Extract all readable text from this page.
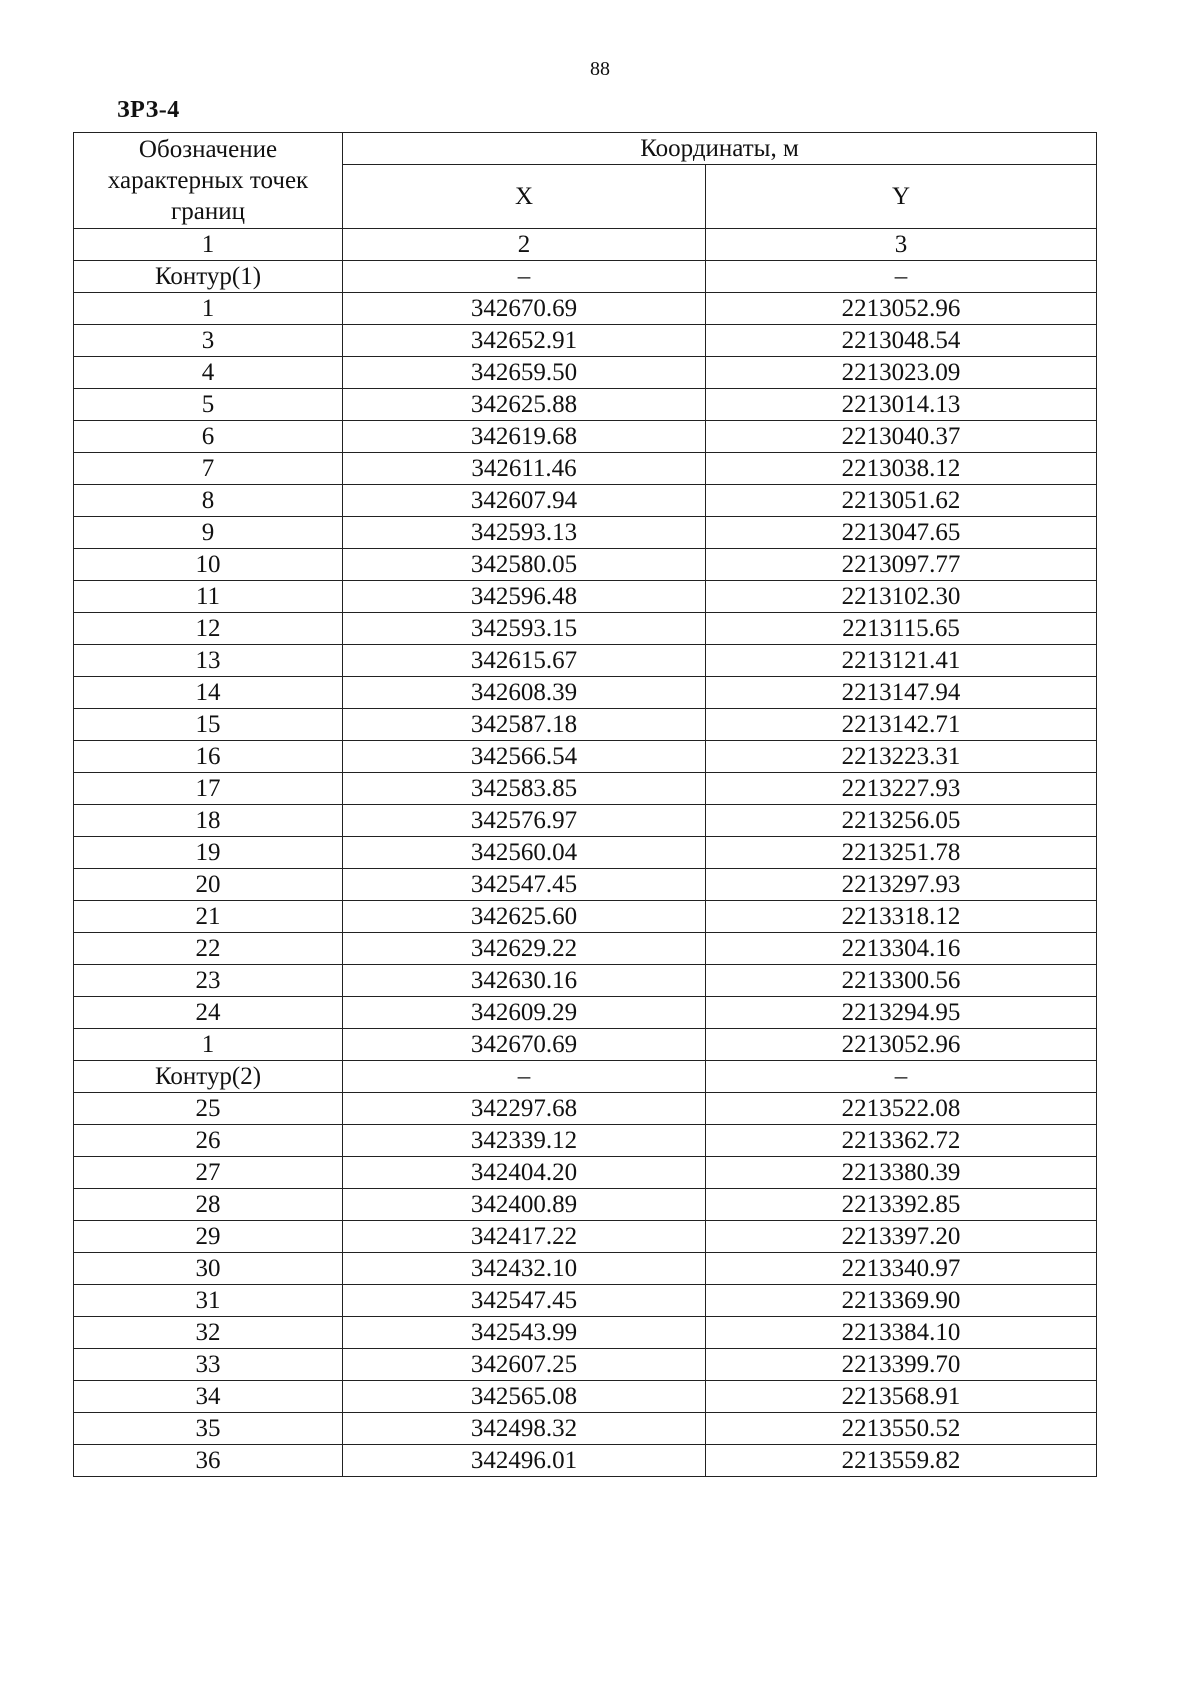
88
ЗРЗ-4
Обозначение характерных точек границ	Координаты, м	
	X	Y
1	2	3
Контур(1)	–	–
1	342670.69	2213052.96
3	342652.91	2213048.54
4	342659.50	2213023.09
5	342625.88	2213014.13
6	342619.68	2213040.37
7	342611.46	2213038.12
8	342607.94	2213051.62
9	342593.13	2213047.65
10	342580.05	2213097.77
11	342596.48	2213102.30
12	342593.15	2213115.65
13	342615.67	2213121.41
14	342608.39	2213147.94
15	342587.18	2213142.71
16	342566.54	2213223.31
17	342583.85	2213227.93
18	342576.97	2213256.05
19	342560.04	2213251.78
20	342547.45	2213297.93
21	342625.60	2213318.12
22	342629.22	2213304.16
23	342630.16	2213300.56
24	342609.29	2213294.95
1	342670.69	2213052.96
Контур(2)	–	–
25	342297.68	2213522.08
26	342339.12	2213362.72
27	342404.20	2213380.39
28	342400.89	2213392.85
29	342417.22	2213397.20
30	342432.10	2213340.97
31	342547.45	2213369.90
32	342543.99	2213384.10
33	342607.25	2213399.70
34	342565.08	2213568.91
35	342498.32	2213550.52
36	342496.01	2213559.82
